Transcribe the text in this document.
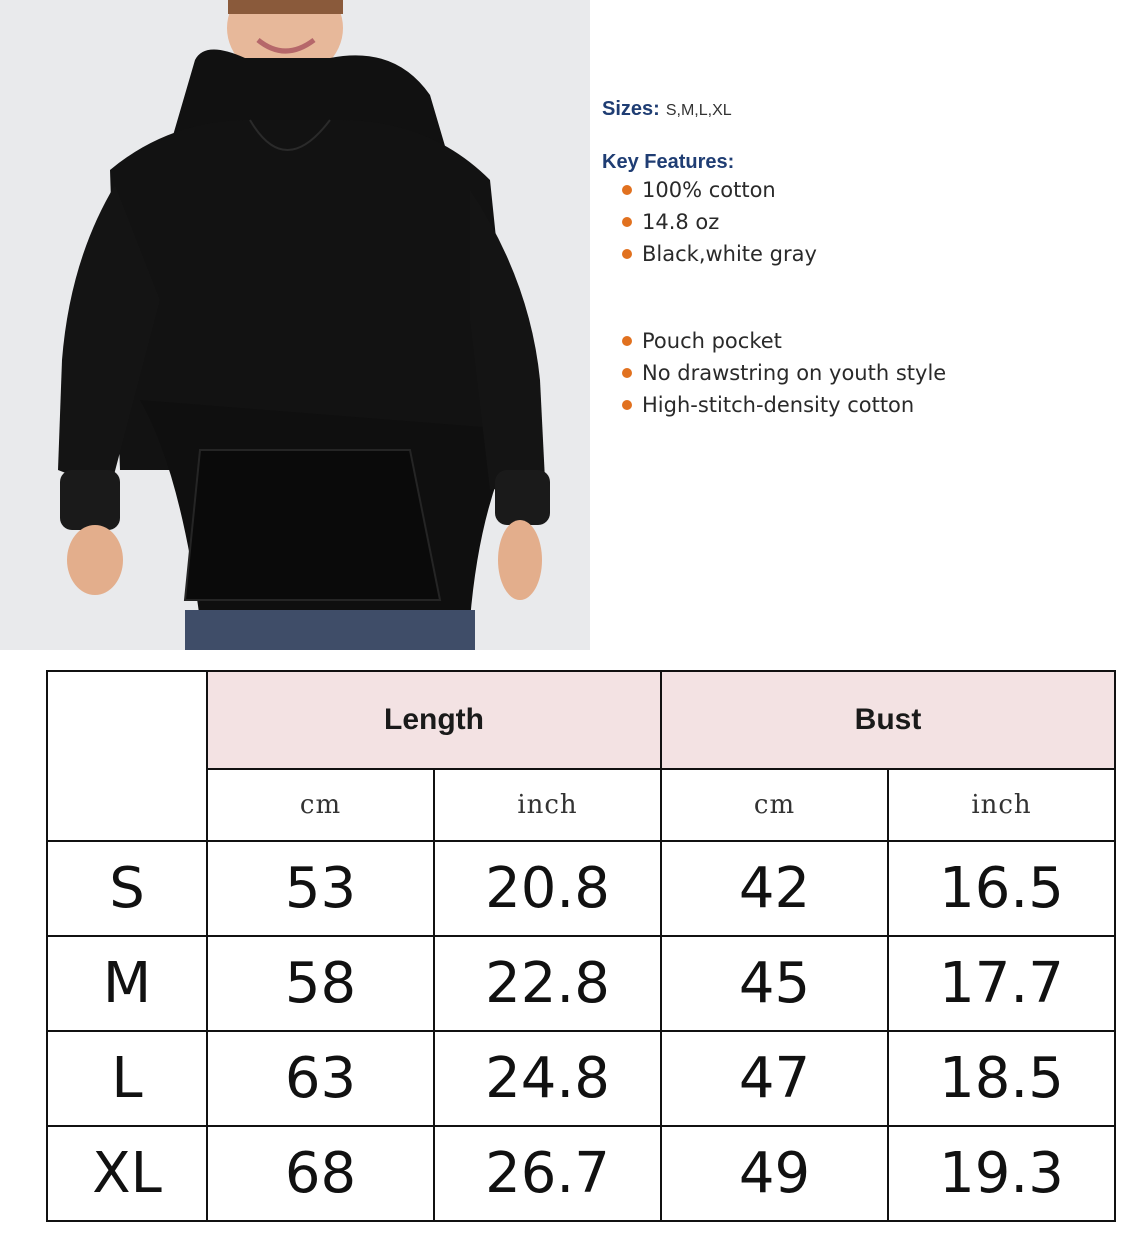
Sizes: S,M,L,XL
Key Features:
100% cotton
14.8 oz
Black,white gray
Pouch pocket
No drawstring on youth style
High-stitch-density cotton
	Length		Bust	
	cm	inch	cm	inch
S	53	20.8	42	16.5
M	58	22.8	45	17.7
L	63	24.8	47	18.5
XL	68	26.7	49	19.3
